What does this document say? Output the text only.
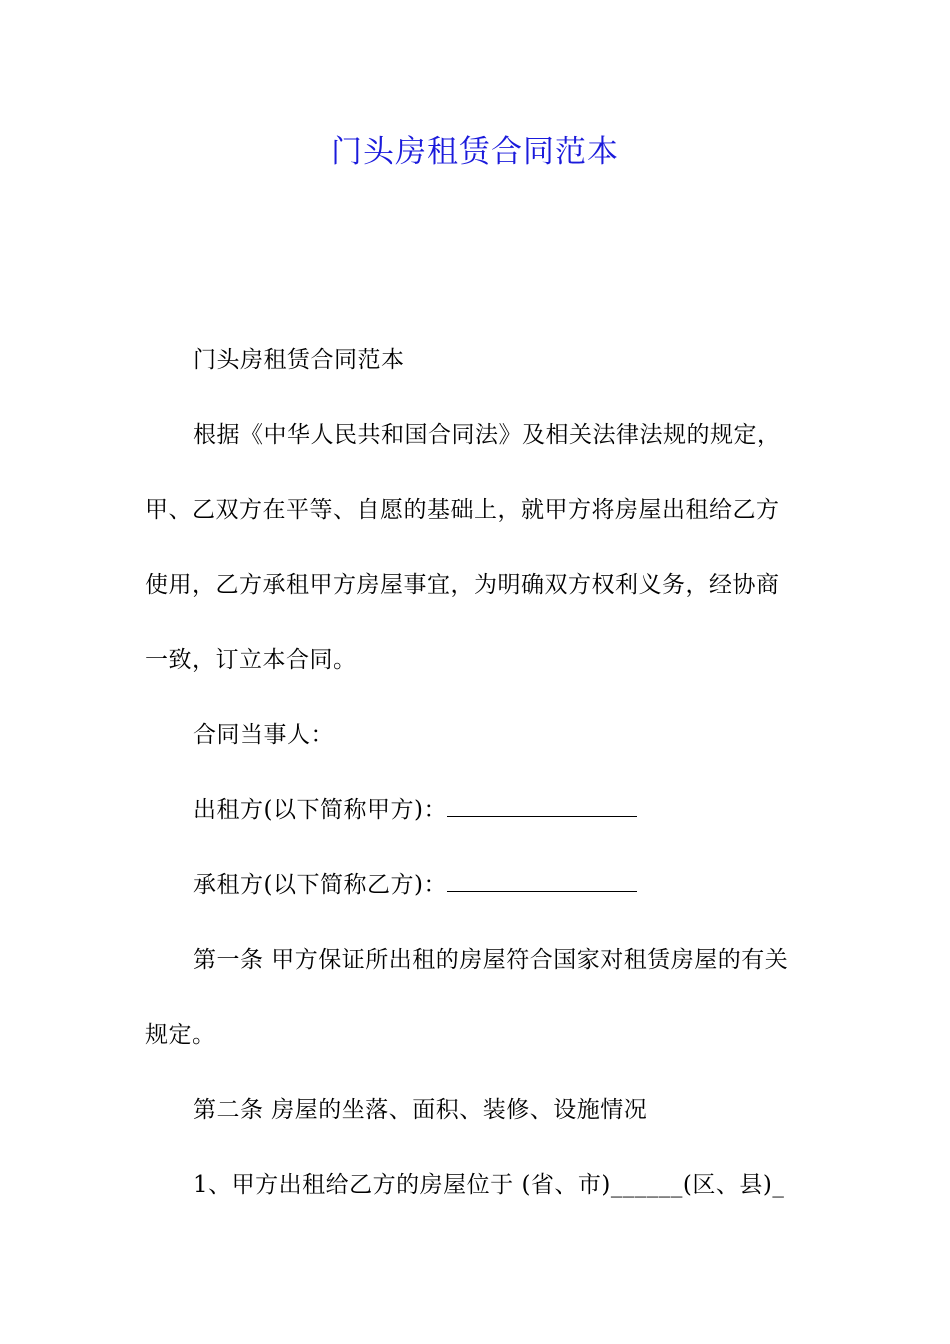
门头房租赁合同范本
门头房租赁合同范本
根据《中华人民共和国合同法》及相关法律法规的规定，
甲、乙双方在平等、自愿的基础上，就甲方将房屋出租给乙方
使用，乙方承租甲方房屋事宜，为明确双方权利义务，经协商
一致，订立本合同。
合同当事人：
出租方(以下简称甲方)：
承租方(以下简称乙方)：
第一条 甲方保证所出租的房屋符合国家对租赁房屋的有关
规定。
第二条 房屋的坐落、面积、装修、设施情况
1、甲方出租给乙方的房屋位于 (省、市)______(区、县)_
